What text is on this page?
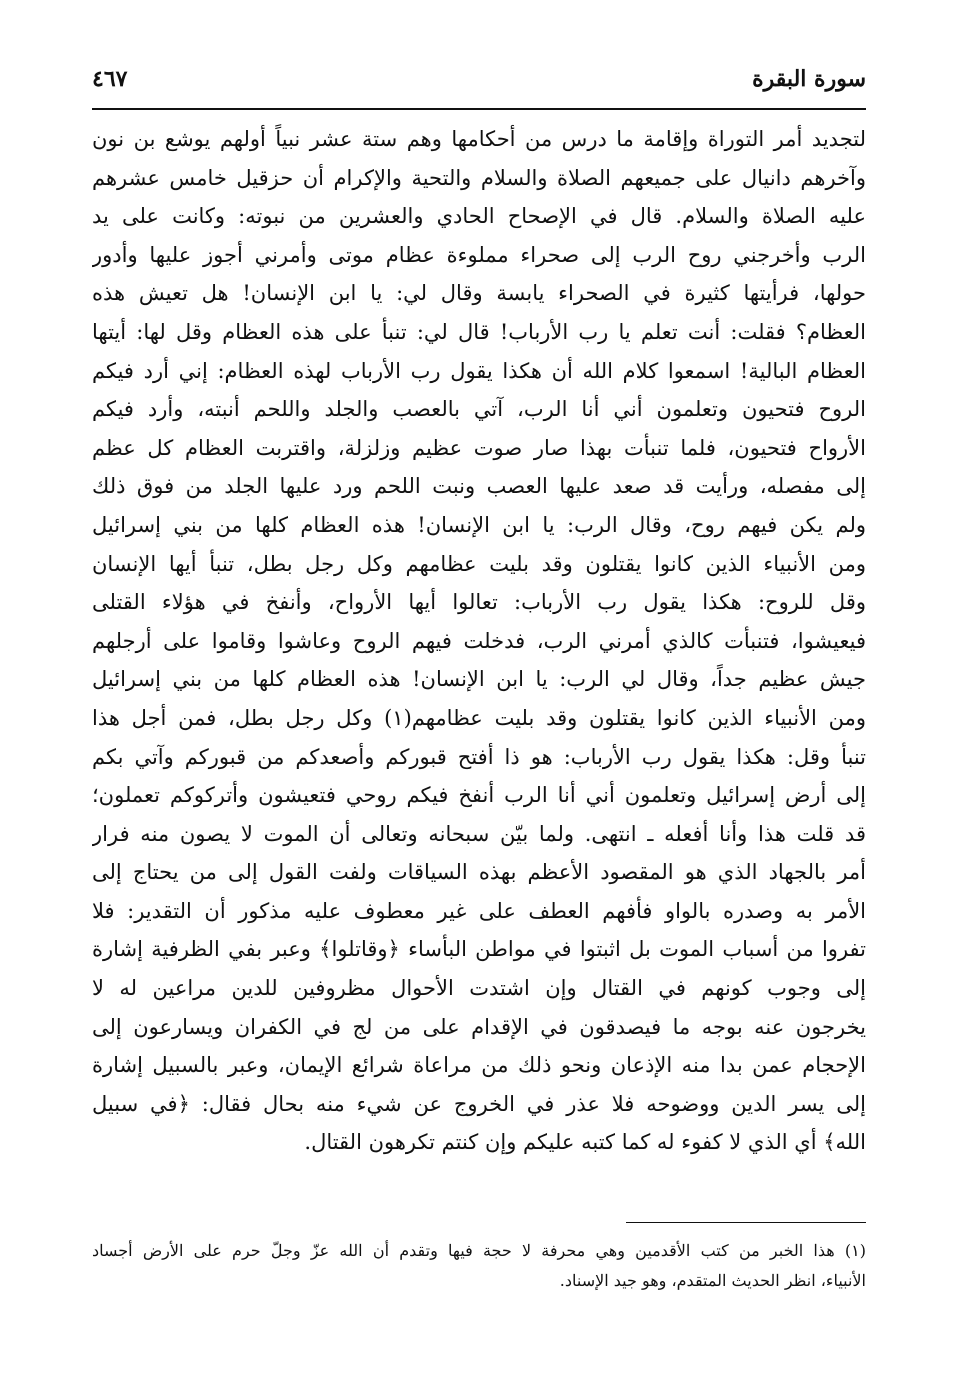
سورة البقرة
٤٦٧
لتجديد أمر التوراة وإقامة ما درس من أحكامها وهم ستة عشر نبياً أولهم يوشع بن نون
وآخرهم دانيال على جميعهم الصلاة والسلام والتحية والإكرام أن حزقيل خامس عشرهم
عليه الصلاة والسلام. قال في الإصحاح الحادي والعشرين من نبوته: وكانت على يد
الرب وأخرجني روح الرب إلى صحراء مملوءة عظام موتى وأمرني أجوز عليها وأدور
حولها، فرأيتها كثيرة في الصحراء يابسة وقال لي: يا ابن الإنسان! هل تعيش هذه
العظام؟ فقلت: أنت تعلم يا رب الأرباب! قال لي: تنبأ على هذه العظام وقل لها: أيتها
العظام البالية! اسمعوا كلام الله أن هكذا يقول رب الأرباب لهذه العظام: إني أرد فيكم
الروح فتحيون وتعلمون أني أنا الرب، آتي بالعصب والجلد واللحم أنبته، وأرد فيكم
الأرواح فتحيون، فلما تنبأت بهذا صار صوت عظيم وزلزلة، واقتربت العظام كل عظم
إلى مفصله، ورأيت قد صعد عليها العصب ونبت اللحم ورد عليها الجلد من فوق ذلك
ولم يكن فيهم روح، وقال الرب: يا ابن الإنسان! هذه العظام كلها من بني إسرائيل
ومن الأنبياء الذين كانوا يقتلون وقد بليت عظامهم وكل رجل بطل، تنبأ أيها الإنسان
وقل للروح: هكذا يقول رب الأرباب: تعالوا أيها الأرواح، وأنفخ في هؤلاء القتلى
فيعيشوا، فتنبأت كالذي أمرني الرب، فدخلت فيهم الروح وعاشوا وقاموا على أرجلهم
جيش عظيم جداً، وقال لي الرب: يا ابن الإنسان! هذه العظام كلها من بني إسرائيل
ومن الأنبياء الذين كانوا يقتلون وقد بليت عظامهم(١) وكل رجل بطل، فمن أجل هذا
تنبأ وقل: هكذا يقول رب الأرباب: هو ذا أفتح قبوركم وأصعدكم من قبوركم وآتي بكم
إلى أرض إسرائيل وتعلمون أني أنا الرب أنفخ فيكم روحي فتعيشون وأتركوكم تعملون؛
قد قلت هذا وأنا أفعله ـ انتهى. ولما بيّن سبحانه وتعالى أن الموت لا يصون منه فرار
أمر بالجهاد الذي هو المقصود الأعظم بهذه السياقات ولفت القول إلى من يحتاج إلى
الأمر به وصدره بالواو فأفهم العطف على غير معطوف عليه مذكور أن التقدير: فلا
تفروا من أسباب الموت بل اثبتوا في مواطن البأساء ﴿وقاتلوا﴾ وعبر بفي الظرفية إشارة
إلى وجوب كونهم في القتال وإن اشتدت الأحوال مظروفين للدين مراعين له لا
يخرجون عنه بوجه ما فيصدقون في الإقدام على من لج في الكفران ويسارعون إلى
الإحجام عمن بدا منه الإذعان ونحو ذلك من مراعاة شرائع الإيمان، وعبر بالسبيل إشارة
إلى يسر الدين ووضوحه فلا عذر في الخروج عن شيء منه بحال فقال: ﴿في سبيل
الله﴾ أي الذي لا كفوء له كما كتبه عليكم وإن كنتم تكرهون القتال.
(١) هذا الخبر من كتب الأقدمين وهي محرفة لا حجة فيها وتقدم أن الله عزّ وجلّ حرم على الأرض أجساد
الأنبياء، انظر الحديث المتقدم، وهو جيد الإسناد.
